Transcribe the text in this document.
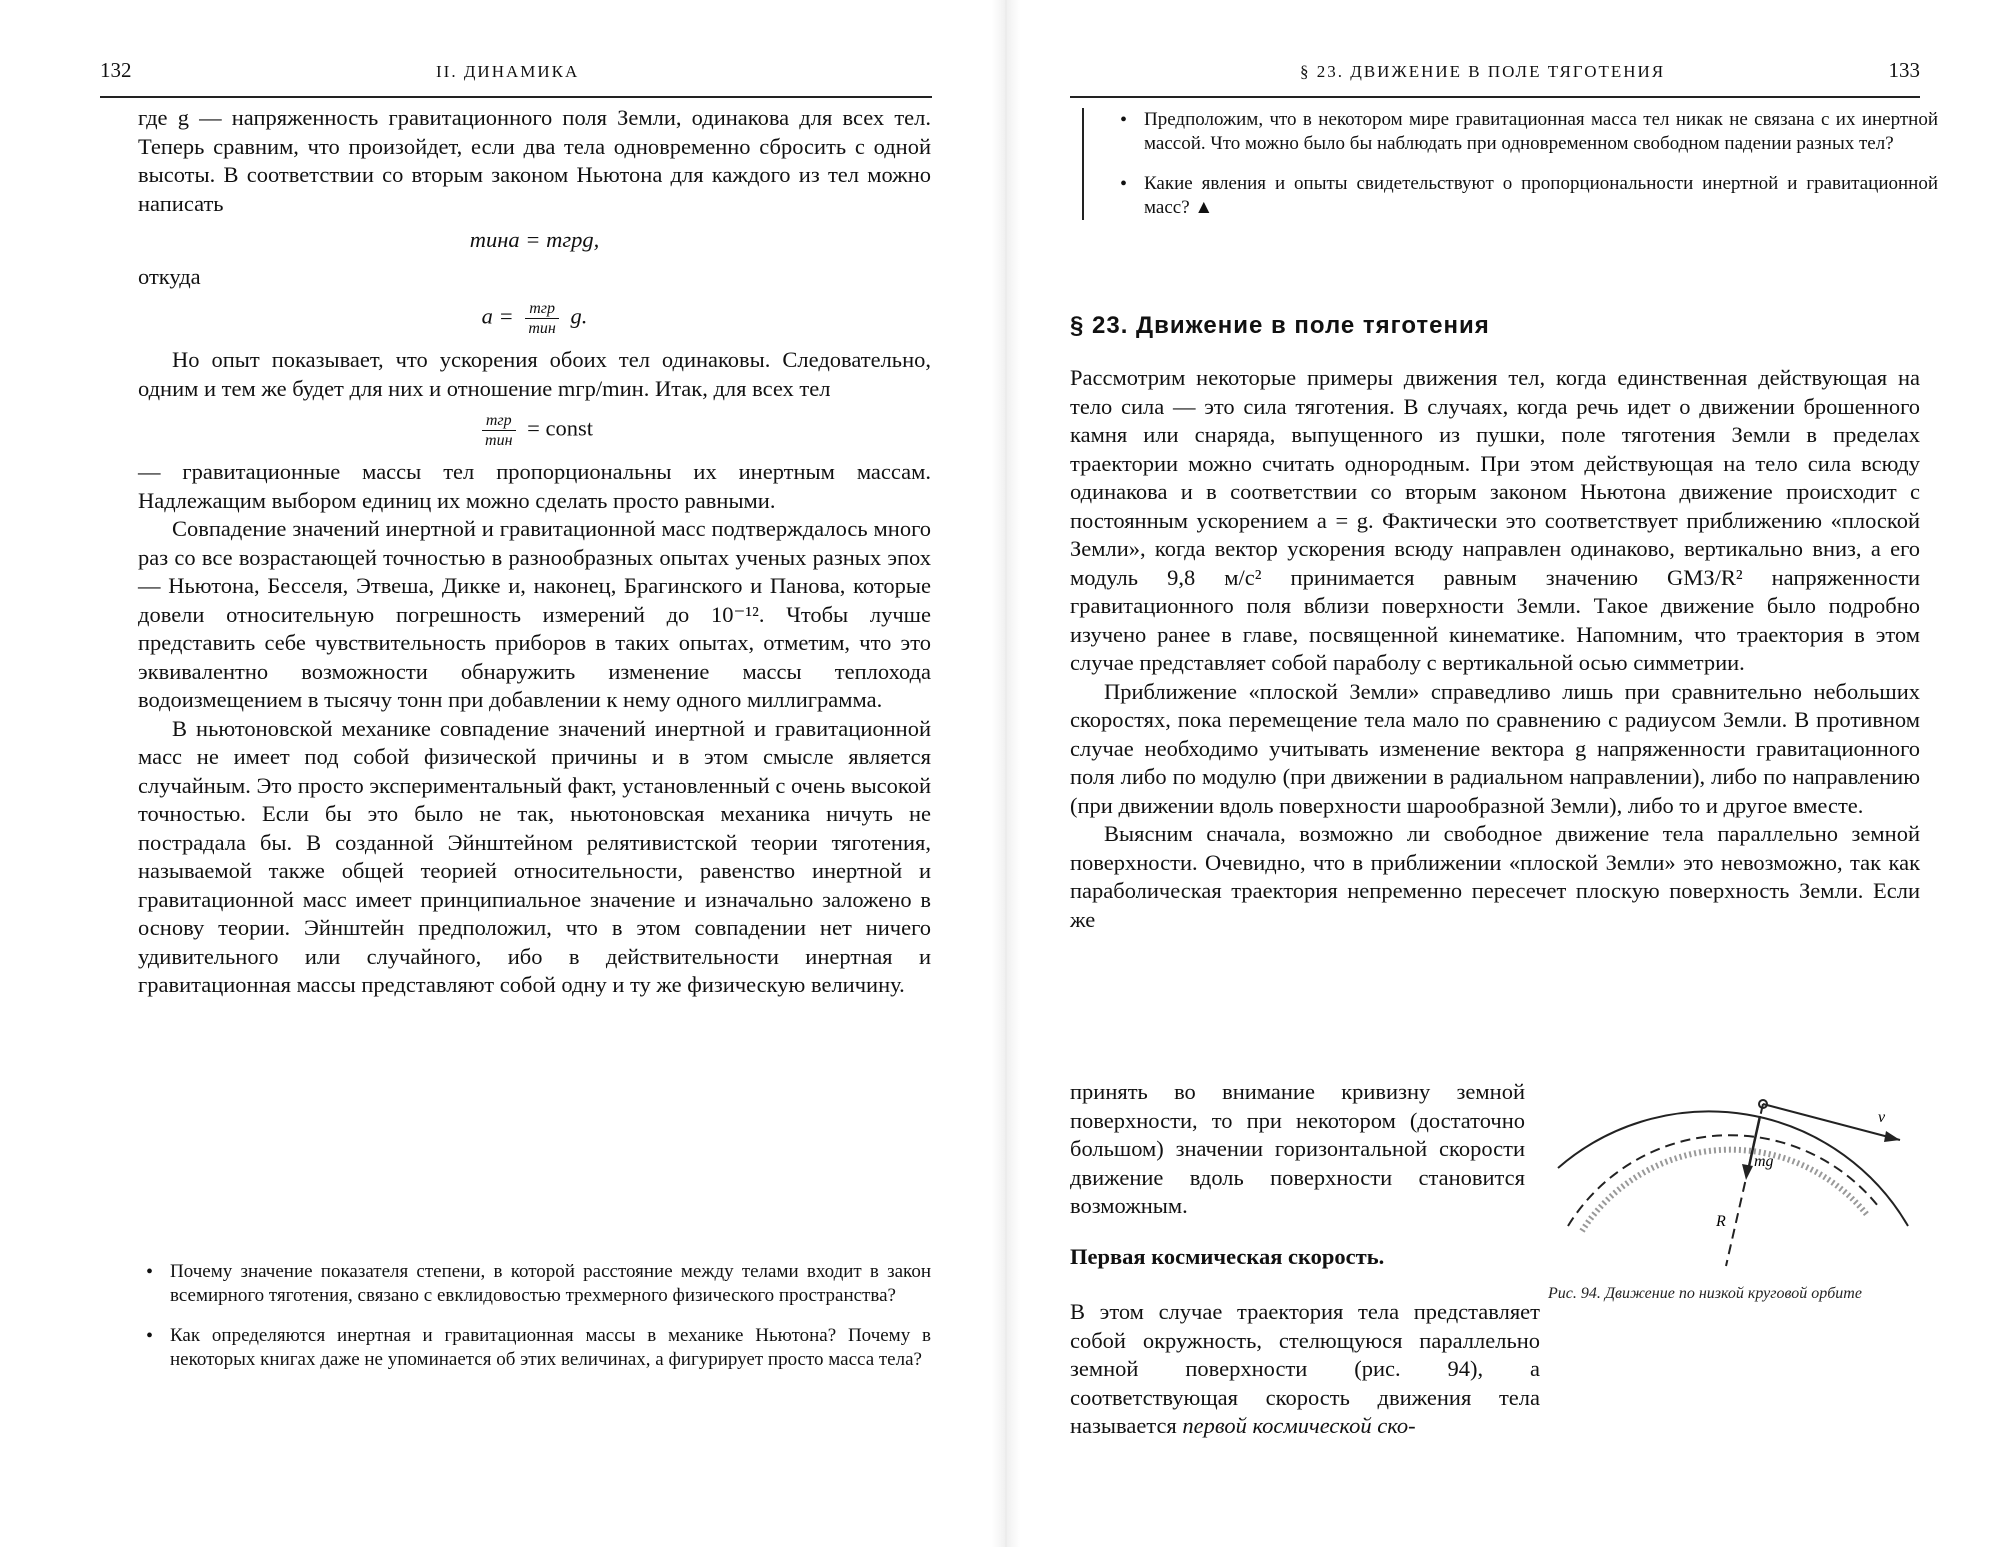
132	II. ДИНАМИКА

где g — напряженность гравитационного поля Земли, одинакова для всех тел. Теперь сравним, что произойдет, если два тела одновременно сбросить с одной высоты. В соответствии со вторым законом Ньютона для каждого из тел можно написать

mинa = mгрg,

откуда

$a = \frac{\text{mгр}}{\text{mин}} g$.

Но опыт показывает, что ускорения обоих тел одинаковы. Следовательно, одним и тем же будет для них и отношение mгр/mин. Итак, для всех тел

$\frac{\text{mгр}}{\text{mин}}$ = const

— гравитационные массы тел пропорциональны их инертным массам. Надлежащим выбором единиц их можно сделать просто равными.

Совпадение значений инертной и гравитационной масс подтверждалось много раз со все возрастающей точностью в разнообразных опытах ученых разных эпох — Ньютона, Бесселя, Этвеша, Дикке и, наконец, Брагинского и Панова, которые довели относительную погрешность измерений до 10⁻¹². Чтобы лучше представить себе чувствительность приборов в таких опытах, отметим, что это эквивалентно возможности обнаружить изменение массы теплохода водоизмещением в тысячу тонн при добавлении к нему одного миллиграмма.

В ньютоновской механике совпадение значений инертной и гравитационной масс не имеет под собой физической причины и в этом смысле является случайным. Это просто экспериментальный факт, установленный с очень высокой точностью. Если бы это было не так, ньютоновская механика ничуть не пострадала бы. В созданной Эйнштейном релятивистской теории тяготения, называемой также общей теорией относительности, равенство инертной и гравитационной масс имеет принципиальное значение и изначально заложено в основу теории. Эйнштейн предположил, что в этом совпадении нет ничего удивительного или случайного, ибо в действительности инертная и гравитационная массы представляют собой одну и ту же физическую величину.

• Почему значение показателя степени, в которой расстояние между телами входит в закон всемирного тяготения, связано с евклидовостью трехмерного физического пространства?
• Как определяются инертная и гравитационная массы в механике Ньютона? Почему в некоторых книгах даже не упоминается об этих величинах, а фигурирует просто масса тела?
§ 23. ДВИЖЕНИЕ В ПОЛЕ ТЯГОТЕНИЯ	133
• Предположим, что в некотором мире гравитационная масса тел никак не связана с их инертной массой. Что можно было бы наблюдать при одновременном свободном падении разных тел?
• Какие явления и опыты свидетельствуют о пропорциональности инертной и гравитационной масс? ▲
§ 23. Движение в поле тяготения

Рассмотрим некоторые примеры движения тел, когда единственная действующая на тело сила — это сила тяготения. В случаях, когда речь идет о движении брошенного камня или снаряда, выпущенного из пушки, поле тяготения Земли в пределах траектории можно считать однородным. При этом действующая на тело сила всюду одинакова и в соответствии со вторым законом Ньютона движение происходит с постоянным ускорением a = g. Фактически это соответствует приближению «плоской Земли», когда вектор ускорения всюду направлен одинаково, вертикально вниз, а его модуль 9,8 м/с² принимается равным значению GMЗ/R² напряженности гравитационного поля вблизи поверхности Земли. Такое движение было подробно изучено ранее в главе, посвященной кинематике. Напомним, что траектория в этом случае представляет собой параболу с вертикальной осью симметрии.

Приближение «плоской Земли» справедливо лишь при сравнительно небольших скоростях, пока перемещение тела мало по сравнению с радиусом Земли. В противном случае необходимо учитывать изменение вектора g напряженности гравитационного поля либо по модулю (при движении в радиальном направлении), либо по направлению (при движении вдоль поверхности шарообразной Земли), либо то и другое вместе.

Выясним сначала, возможно ли свободное движение тела параллельно земной поверхности. Очевидно, что в приближении «плоской Земли» это невозможно, так как параболическая траектория непременно пересечет плоскую поверхность Земли. Если же

принять во внимание кривизну земной поверхности, то при некотором (достаточно большом) значении горизонтальной скорости движение вдоль поверхности становится возможным.

Первая космическая скорость.

В этом случае траектория тела представляет собой окружность, стелющуюся параллельно земной поверхности (рис. 94), а соответствующая скорость движения тела называется первой космической ско-

v
mg
R
Рис. 94. Движение по низкой круговой орбите
